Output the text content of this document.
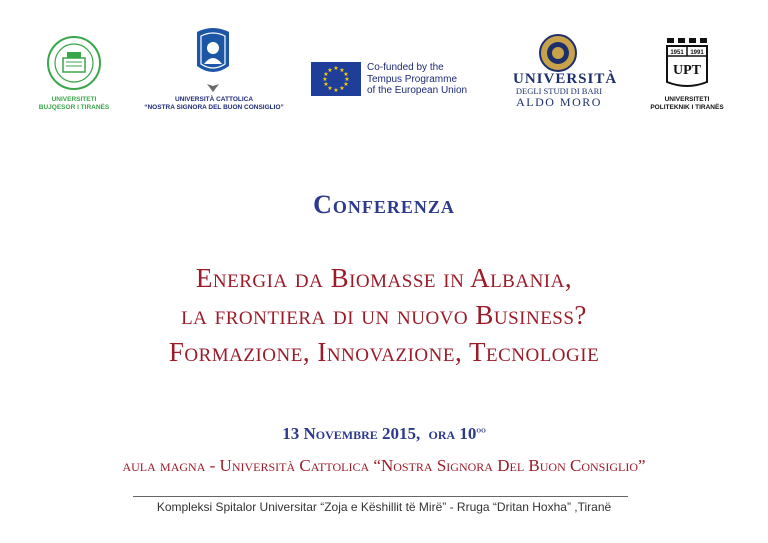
UNIVERSITETI
BUJQESOR I TIRANËS
UNIVERSITÀ CATTOLICA
“NOSTRA SIGNORA DEL BUON CONSIGLIO”
★ ★
★
★
★
★
★
★
★
★
★
★	Co-funded by the
Tempus Programme
of the European Union
UNIVERSITÀ
DEGLI STUDI DI BARI
ALDO MORO
1951 1991
UPT
UNIVERSITETI
POLITEKNIK I TIRANËS
Conferenza
Energia da Biomasse in Albania,
la frontiera di un nuovo Business?
Formazione, Innovazione, Tecnologie
13 Novembre 2015, ora $10^{oo}$
aula magna - Università Cattolica “Nostra Signora Del Buon Consiglio”
Kompleksi Spitalor Universitar “Zoja e Këshillit të Mirë” - Rruga “Dritan Hoxha” ,Tiranë
